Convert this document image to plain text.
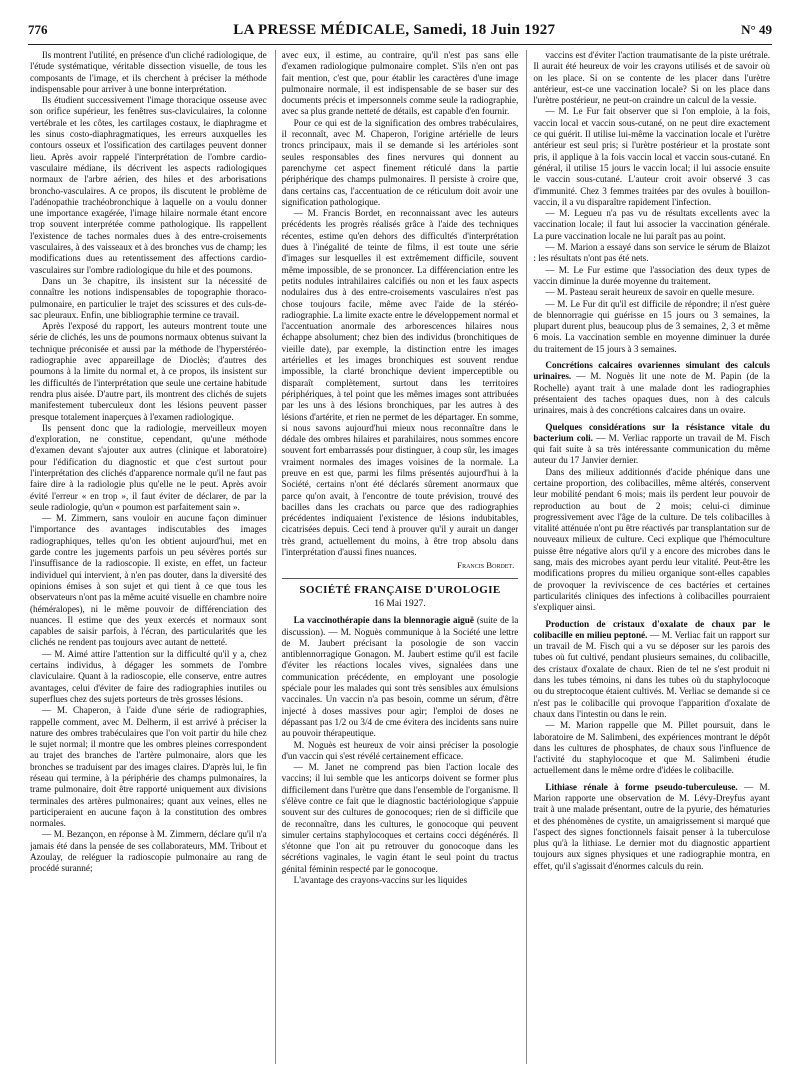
776	LA PRESSE MÉDICALE, Samedi, 18 Juin 1927	N° 49

Ils montrent l'utilité, en présence d'un cliché radiologique, de l'étude systématique, véritable dissection visuelle, de tous les composants de l'image, et ils cherchent à préciser la méthode indispensable pour arriver à une bonne interprétation.

Ils étudient successivement l'image thoracique osseuse avec son orifice supérieur, les fenêtres sus-claviculaires, la colonne vertébrale et les côtes, les cartilages costaux, le diaphragme et les sinus costo-diaphragmatiques, les erreurs auxquelles les contours osseux et l'ossification des cartilages peuvent donner lieu. Après avoir rappelé l'interprétation de l'ombre cardio-vasculaire médiane, ils décrivent les aspects radiologiques normaux de l'arbre aérien, des hiles et des arborisations broncho-vasculaires. A ce propos, ils discutent le problème de l'adénopathie trachéobronchique à laquelle on a voulu donner une importance exagérée, l'image hilaire normale étant encore trop souvent interprétée comme pathologique. Ils rappellent l'existence de taches normales dues à des entre-croisements vasculaires, à des vaisseaux et à des bronches vus de champ; les modifications dues au retentissement des affections cardio-vasculaires sur l'ombre radiologique du hile et des poumons.

Dans un 3e chapitre, ils insistent sur la nécessité de connaître les notions indispensables de topographie thoraco-pulmonaire, en particulier le trajet des scissures et des culs-de-sac pleuraux. Enfin, une bibliographie termine ce travail.

Après l'exposé du rapport, les auteurs montrent toute une série de clichés, les uns de poumons normaux obtenus suivant la technique préconisée et aussi par la méthode de l'hyperstéréo-radiographie avec appareillage de Dioclès; d'autres des poumons à la limite du normal et, à ce propos, ils insistent sur les difficultés de l'interprétation que seule une certaine habitude rendra plus aisée. D'autre part, ils montrent des clichés de sujets manifestement tuberculeux dont les lésions peuvent passer presque totalement inaperçues à l'examen radiologique.

Ils pensent donc que la radiologie, merveilleux moyen d'exploration, ne constitue, cependant, qu'une méthode d'examen devant s'ajouter aux autres (clinique et laboratoire) pour l'édification du diagnostic et que c'est surtout pour l'interprétation des clichés d'apparence normale qu'il ne faut pas faire dire à la radiologie plus qu'elle ne le peut. Après avoir évité l'erreur « en trop », il faut éviter de déclarer, de par la seule radiologie, qu'un « poumon est parfaitement sain ».

— M. Zimmern, sans vouloir en aucune façon diminuer l'importance des avantages indiscutables des images radiographiques, telles qu'on les obtient aujourd'hui, met en garde contre les jugements parfois un peu sévères portés sur l'insuffisance de la radioscopie. Il existe, en effet, un facteur individuel qui intervient, à n'en pas douter, dans la diversité des opinions émises à son sujet et qui tient à ce que tous les observateurs n'ont pas la même acuité visuelle en chambre noire (héméralopes), ni le même pouvoir de différenciation des nuances. Il estime que des yeux exercés et normaux sont capables de saisir parfois, à l'écran, des particularités que les clichés ne rendent pas toujours avec autant de netteté.

— M. Aimé attire l'attention sur la difficulté qu'il y a, chez certains individus, à dégager les sommets de l'ombre claviculaire. Quant à la radioscopie, elle conserve, entre autres avantages, celui d'éviter de faire des radiographies inutiles ou superflues chez des sujets porteurs de très grosses lésions.

— M. Chaperon, à l'aide d'une série de radiographies, rappelle comment, avec M. Delherm, il est arrivé à préciser la nature des ombres trabéculaires que l'on voit partir du hile chez le sujet normal; il montre que les ombres pleines correspondent au trajet des branches de l'artère pulmonaire, alors que les bronches se traduisent par des images claires. D'après lui, le fin réseau qui termine, à la périphérie des champs pulmonaires, la trame pulmonaire, doit être rapporté uniquement aux divisions terminales des artères pulmonaires; quant aux veines, elles ne participeraient en aucune façon à la constitution des ombres normales.

— M. Bezançon, en réponse à M. Zimmern, déclare qu'il n'a jamais été dans la pensée de ses collaborateurs, MM. Tribout et Azoulay, de reléguer la radioscopie pulmonaire au rang de procédé suranné;

avec eux, il estime, au contraire, qu'il n'est pas sans elle d'examen radiologique pulmonaire complet. S'ils n'en ont pas fait mention, c'est que, pour établir les caractères d'une image pulmonaire normale, il est indispensable de se baser sur des documents précis et impersonnels comme seule la radiographie, avec sa plus grande netteté de détails, est capable d'en fournir.

Pour ce qui est de la signification des ombres trabéculaires, il reconnaît, avec M. Chaperon, l'origine artérielle de leurs troncs principaux, mais il se demande si les artérioles sont seules responsables des fines nervures qui donnent au parenchyme cet aspect finement réticulé dans la partie périphérique des champs pulmonaires. Il persiste à croire que, dans certains cas, l'accentuation de ce réticulum doit avoir une signification pathologique.

— M. Francis Bordet, en reconnaissant avec les auteurs précédents les progrès réalisés grâce à l'aide des techniques récentes, estime qu'en dehors des difficultés d'interprétation dues à l'inégalité de teinte de films, il est toute une série d'images sur lesquelles il est extrêmement difficile, souvent même impossible, de se prononcer. La différenciation entre les petits nodules intrahilaires calcifiés ou non et les faux aspects nodulaires dus à des entre-croisements vasculaires n'est pas chose toujours facile, même avec l'aide de la stéréo-radiographie. La limite exacte entre le développement normal et l'accentuation anormale des arborescences hilaires nous échappe absolument; chez bien des individus (bronchitiques de vieille date), par exemple, la distinction entre les images artérielles et les images bronchiques est souvent rendue impossible, la clarté bronchique devient imperceptible ou disparaît complètement, surtout dans les territoires périphériques, à tel point que les mêmes images sont attribuées par les uns à des lésions bronchiques, par les autres à des lésions d'artérite, et rien ne permet de les départager. En somme, si nous savons aujourd'hui mieux nous reconnaître dans le dédale des ombres hilaires et parahilaires, nous sommes encore souvent fort embarrassés pour distinguer, à coup sûr, les images vraiment normales des images voisines de la normale. La preuve en est que, parmi les films présentés aujourd'hui à la Société, certains n'ont été déclarés sûrement anormaux que parce qu'on avait, à l'encontre de toute prévision, trouvé des bacilles dans les crachats ou parce que des radiographies précédentes indiquaient l'existence de lésions indubitables, cicatrisées depuis. Ceci tend à prouver qu'il y aurait un danger très grand, actuellement du moins, à être trop absolu dans l'interprétation d'aussi fines nuances.

Francis Bordet.

SOCIÉTÉ FRANÇAISE D'UROLOGIE

16 Mai 1927.

La vaccinothérapie dans la blennoragie aiguë (suite de la discussion). — M. Noguès communique à la Société une lettre de M. Jaubert précisant la posologie de son vaccin antiblennorragique Gonagon. M. Jaubert estime qu'il est facile d'éviter les réactions locales vives, signalées dans une communication précédente, en employant une posologie spéciale pour les malades qui sont très sensibles aux émulsions vaccinales. Un vaccin n'a pas besoin, comme un sérum, d'être injecté à doses massives pour agir; l'emploi de doses ne dépassant pas 1/2 ou 3/4 de cme évitera des incidents sans nuire au pouvoir thérapeutique.

M. Noguès est heureux de voir ainsi préciser la posologie d'un vaccin qui s'est révélé certainement efficace.

— M. Janet ne comprend pas bien l'action locale des vaccins; il lui semble que les anticorps doivent se former plus difficilement dans l'urètre que dans l'ensemble de l'organisme. Il s'élève contre ce fait que le diagnostic bactériologique s'appuie souvent sur des cultures de gonocoques; rien de si difficile que de reconnaître, dans les cultures, le gonocoque qui peuvent simuler certains staphylocoques et certains cocci dégénérés. Il s'étonne que l'on ait pu retrouver du gonocoque dans les sécrétions vaginales, le vagin étant le seul point du tractus génital féminin respecté par le gonocoque.

L'avantage des crayons-vaccins sur les liquides

vaccins est d'éviter l'action traumatisante de la piste urétrale. Il aurait été heureux de voir les crayons utilisés et de savoir où on les place. Si on se contente de les placer dans l'urètre antérieur, est-ce une vaccination locale? Si on les place dans l'urètre postérieur, ne peut-on craindre un calcul de la vessie.

— M. Le Fur fait observer que si l'on emploie, à la fois, vaccin local et vaccin sous-cutané, on ne peut dire exactement ce qui guérit. Il utilise lui-même la vaccination locale et l'urètre antérieur est seul pris; si l'urètre postérieur et la prostate sont pris, il applique à la fois vaccin local et vaccin sous-cutané. En général, il utilise 15 jours le vaccin local; il lui associe ensuite le vaccin sous-cutané. L'auteur croit avoir observé 3 cas d'immunité. Chez 3 femmes traitées par des ovules à bouillon-vaccin, il a vu disparaître rapidement l'infection.

— M. Legueu n'a pas vu de résultats excellents avec la vaccination locale; il faut lui associer la vaccination générale. La pure vaccination locale ne lui paraît pas au point.

— M. Marion a essayé dans son service le sérum de Blaizot : les résultats n'ont pas été nets.

— M. Le Fur estime que l'association des deux types de vaccin diminue la durée moyenne du traitement.

— M. Pasteau serait heureux de savoir en quelle mesure.

— M. Le Fur dit qu'il est difficile de répondre; il n'est guère de blennorragie qui guérisse en 15 jours ou 3 semaines, la plupart durent plus, beaucoup plus de 3 semaines, 2, 3 et même 6 mois. La vaccination semble en moyenne diminuer la durée du traitement de 15 jours à 3 semaines.

Concrétions calcaires ovariennes simulant des calculs urinaires. — M. Noguès lit une note de M. Papin (de la Rochelle) ayant trait à une malade dont les radiographies présentaient des taches opaques dues, non à des calculs urinaires, mais à des concrétions calcaires dans un ovaire.

Quelques considérations sur la résistance vitale du bacterium coli. — M. Verliac rapporte un travail de M. Fisch qui fait suite à sa très intéressante communication du même auteur du 17 Janvier dernier.

Dans des milieux additionnés d'acide phénique dans une certaine proportion, des colibacilles, même altérés, conservent leur mobilité pendant 6 mois; mais ils perdent leur pouvoir de reproduction au bout de 2 mois; celui-ci diminue progressivement avec l'âge de la culture. De tels colibacilles à vitalité atténuée n'ont pu être réactivés par transplantation sur de nouveaux milieux de culture. Ceci explique que l'hémoculture puisse être négative alors qu'il y a encore des microbes dans le sang, mais des microbes ayant perdu leur vitalité. Peut-être les modifications propres du milieu organique sont-elles capables de provoquer la reviviscence de ces bactéries et certaines particularités cliniques des infections à colibacilles pourraient s'expliquer ainsi.

Production de cristaux d'oxalate de chaux par le colibacille en milieu peptoné. — M. Verliac fait un rapport sur un travail de M. Fisch qui a vu se déposer sur les parois des tubes où fut cultivé, pendant plusieurs semaines, du colibacille, des cristaux d'oxalate de chaux. Rien de tel ne s'est produit ni dans les tubes témoins, ni dans les tubes où du staphylocoque ou du streptocoque étaient cultivés. M. Verliac se demande si ce n'est pas le colibacille qui provoque l'apparition d'oxalate de chaux dans l'intestin ou dans le rein.

— M. Marion rappelle que M. Pillet poursuit, dans le laboratoire de M. Salimbeni, des expériences montrant le dépôt dans les cultures de phosphates, de chaux sous l'influence de l'activité du staphylocoque et que M. Salimbeni étudie actuellement dans le même ordre d'idées le colibacille.

Lithiase rénale à forme pseudo-tuberculeuse. — M. Marion rapporte une observation de M. Lévy-Dreyfus ayant trait à une malade présentant, outre de la pyurie, des hématuries et des phénomènes de cystite, un amaigrissement si marqué que l'aspect des signes fonctionnels faisait penser à la tuberculose plus qu'à la lithiase. Le dernier mot du diagnostic appartient toujours aux signes physiques et une radiographie montra, en effet, qu'il s'agissait d'énormes calculs du rein.
